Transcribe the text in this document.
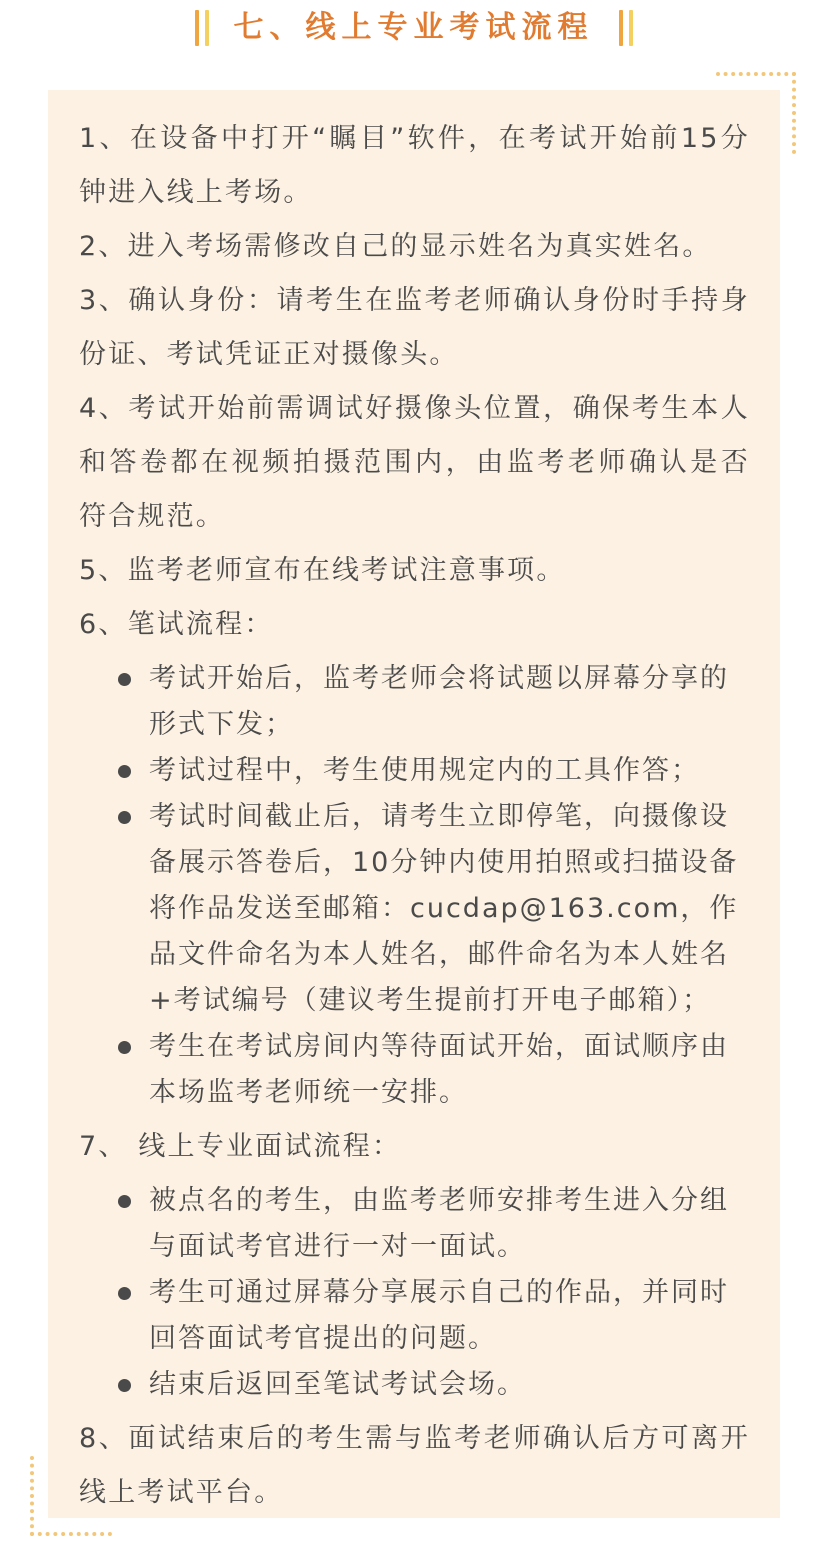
七、线上专业考试流程
1、在设备中打开“瞩目”软件，在考试开始前15分钟进入线上考场。
2、进入考场需修改自己的显示姓名为真实姓名。
3、确认身份：请考生在监考老师确认身份时手持身份证、考试凭证正对摄像头。
4、考试开始前需调试好摄像头位置，确保考生本人和答卷都在视频拍摄范围内，由监考老师确认是否符合规范。
5、监考老师宣布在线考试注意事项。
6、笔试流程：
考试开始后，监考老师会将试题以屏幕分享的形式下发；
考试过程中，考生使用规定内的工具作答；
考试时间截止后，请考生立即停笔，向摄像设备展示答卷后，10分钟内使用拍照或扫描设备将作品发送至邮箱：cucdap@163.com，作品文件命名为本人姓名，邮件命名为本人姓名+考试编号（建议考生提前打开电子邮箱）；
考生在考试房间内等待面试开始，面试顺序由本场监考老师统一安排。
7、 线上专业面试流程：
被点名的考生，由监考老师安排考生进入分组与面试考官进行一对一面试。
考生可通过屏幕分享展示自己的作品，并同时回答面试考官提出的问题。
结束后返回至笔试考试会场。
8、面试结束后的考生需与监考老师确认后方可离开线上考试平台。
